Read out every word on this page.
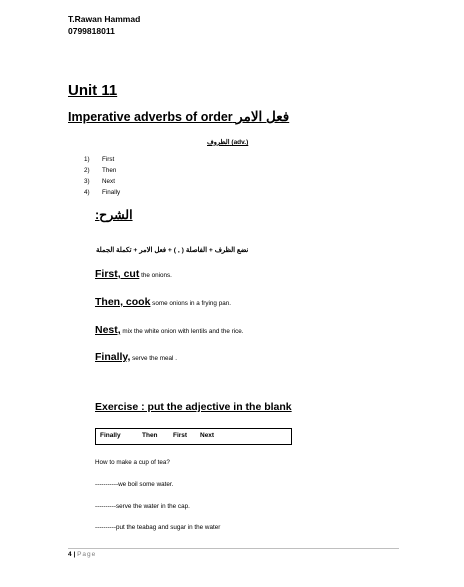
T.Rawan Hammad
0799818011
Unit 11
Imperative adverbs of order فعل الامر
الظروف (adv.)
1)	First
2)	Then
3)	Next
4)	Finally
الشرح:
نضع الظرف + الفاصلة ( , ) + فعل الامر + تكملة الجملة
First, cut the onions.
Then, cook some onions in a frying pan.
Nest, mix the white onion with lentils and the rice.
Finally, serve the meal .
Exercise : put the adjective in the blank
Finally	Then First Next
How to make a cup of tea?
-----------we boil some water.
----------serve the water in the cap.
----------put the teabag and sugar in the water
4 | Page
